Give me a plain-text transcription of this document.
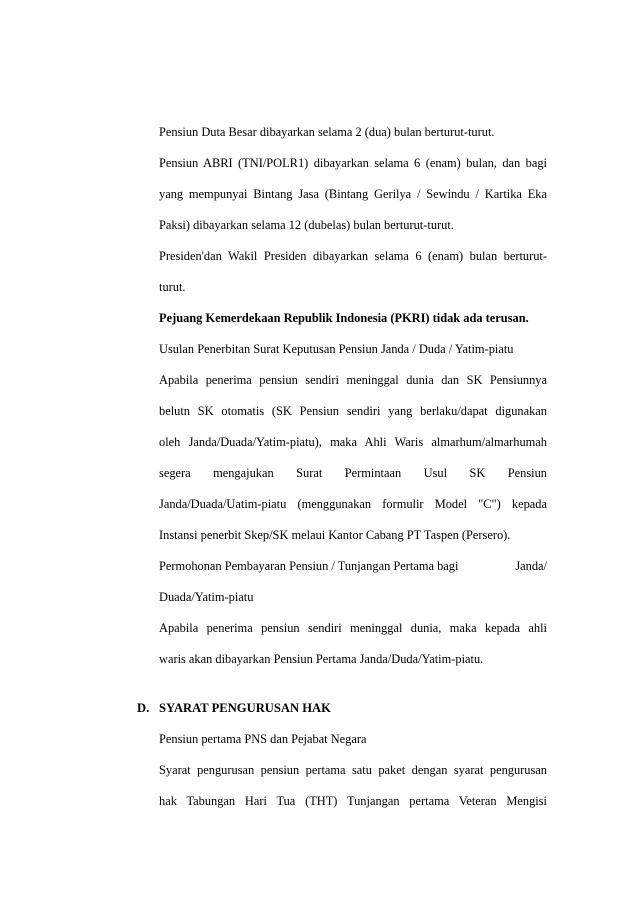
Pensiun Duta Besar dibayarkan selama 2 (dua) bulan berturut-turut.
Pensiun ABRI (TNI/POLR1) dibayarkan selama 6 (enam) bulan, dan bagi
yang mempunyai Bintang Jasa (Bintang Gerilya / Sewindu / Kartika Eka
Paksi) dibayarkan selama 12 (dubelas) bulan berturut-turut.
Presiden'dan Wakil Presiden dibayarkan selama 6 (enam) bulan berturut-
turut.
Pejuang Kemerdekaan Republik Indonesia (PKRI) tidak ada terusan.
Usulan Penerbitan Surat Keputusan Pensiun Janda / Duda / Yatim-piatu
Apabila penerima pensiun sendiri meninggal dunia dan SK Pensiunnya
belutn SK otomatis (SK Pensiun sendiri yang berlaku/dapat digunakan
oleh Janda/Duada/Yatim-piatu), maka Ahli Waris almarhum/almarhumah
segera mengajukan Surat Permintaan Usul SK Pensiun
Janda/Duada/Uatim-piatu (menggunakan formulir Model "C") kepada
Instansi penerbit Skep/SK melaui Kantor Cabang PT Taspen (Persero).
Permohonan Pembayaran Pensiun / Tunjangan Pertama bagi	Janda/
Duada/Yatim-piatu
Apabila penerima pensiun sendiri meninggal dunia, maka kepada ahli
waris akan dibayarkan Pensiun Pertama Janda/Duda/Yatim-piatu.
D. SYARAT PENGURUSAN HAK
Pensiun pertama PNS dan Pejabat Negara
Syarat pengurusan pensiun pertama satu paket dengan syarat pengurusan
hak Tabungan Hari Tua (THT) Tunjangan pertama Veteran Mengisi
